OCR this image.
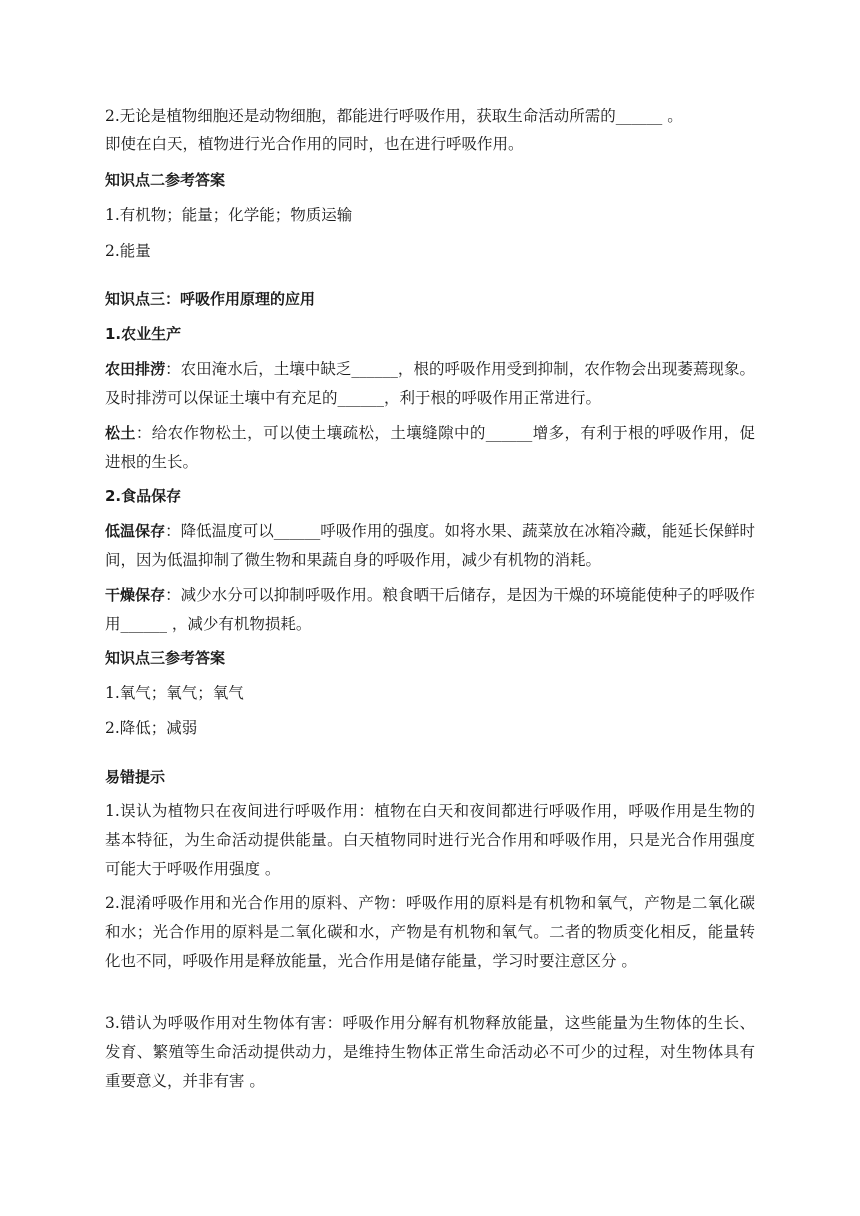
2.无论是植物细胞还是动物细胞，都能进行呼吸作用，获取生命活动所需的______ 。

即使在白天，植物进行光合作用的同时，也在进行呼吸作用。

知识点二参考答案

1.有机物；能量；化学能；物质运输

2.能量

知识点三：呼吸作用原理的应用

1.农业生产

农田排涝：农田淹水后，土壤中缺乏______，根的呼吸作用受到抑制，农作物会出现萎蔫现象。及时排涝可以保证土壤中有充足的______，利于根的呼吸作用正常进行。

松土：给农作物松土，可以使土壤疏松，土壤缝隙中的______增多，有利于根的呼吸作用，促进根的生长。

2.食品保存

低温保存：降低温度可以______呼吸作用的强度。如将水果、蔬菜放在冰箱冷藏，能延长保鲜时间，因为低温抑制了微生物和果蔬自身的呼吸作用，减少有机物的消耗。

干燥保存：减少水分可以抑制呼吸作用。粮食晒干后储存，是因为干燥的环境能使种子的呼吸作用______ ，减少有机物损耗。

知识点三参考答案

1.氧气；氧气；氧气

2.降低；减弱

易错提示

1.误认为植物只在夜间进行呼吸作用：植物在白天和夜间都进行呼吸作用，呼吸作用是生物的基本特征，为生命活动提供能量。白天植物同时进行光合作用和呼吸作用，只是光合作用强度可能大于呼吸作用强度 。

2.混淆呼吸作用和光合作用的原料、产物：呼吸作用的原料是有机物和氧气，产物是二氧化碳和水；光合作用的原料是二氧化碳和水，产物是有机物和氧气。二者的物质变化相反，能量转化也不同，呼吸作用是释放能量，光合作用是储存能量，学习时要注意区分 。

3.错认为呼吸作用对生物体有害：呼吸作用分解有机物释放能量，这些能量为生物体的生长、发育、繁殖等生命活动提供动力，是维持生物体正常生命活动必不可少的过程，对生物体具有重要意义，并非有害 。
